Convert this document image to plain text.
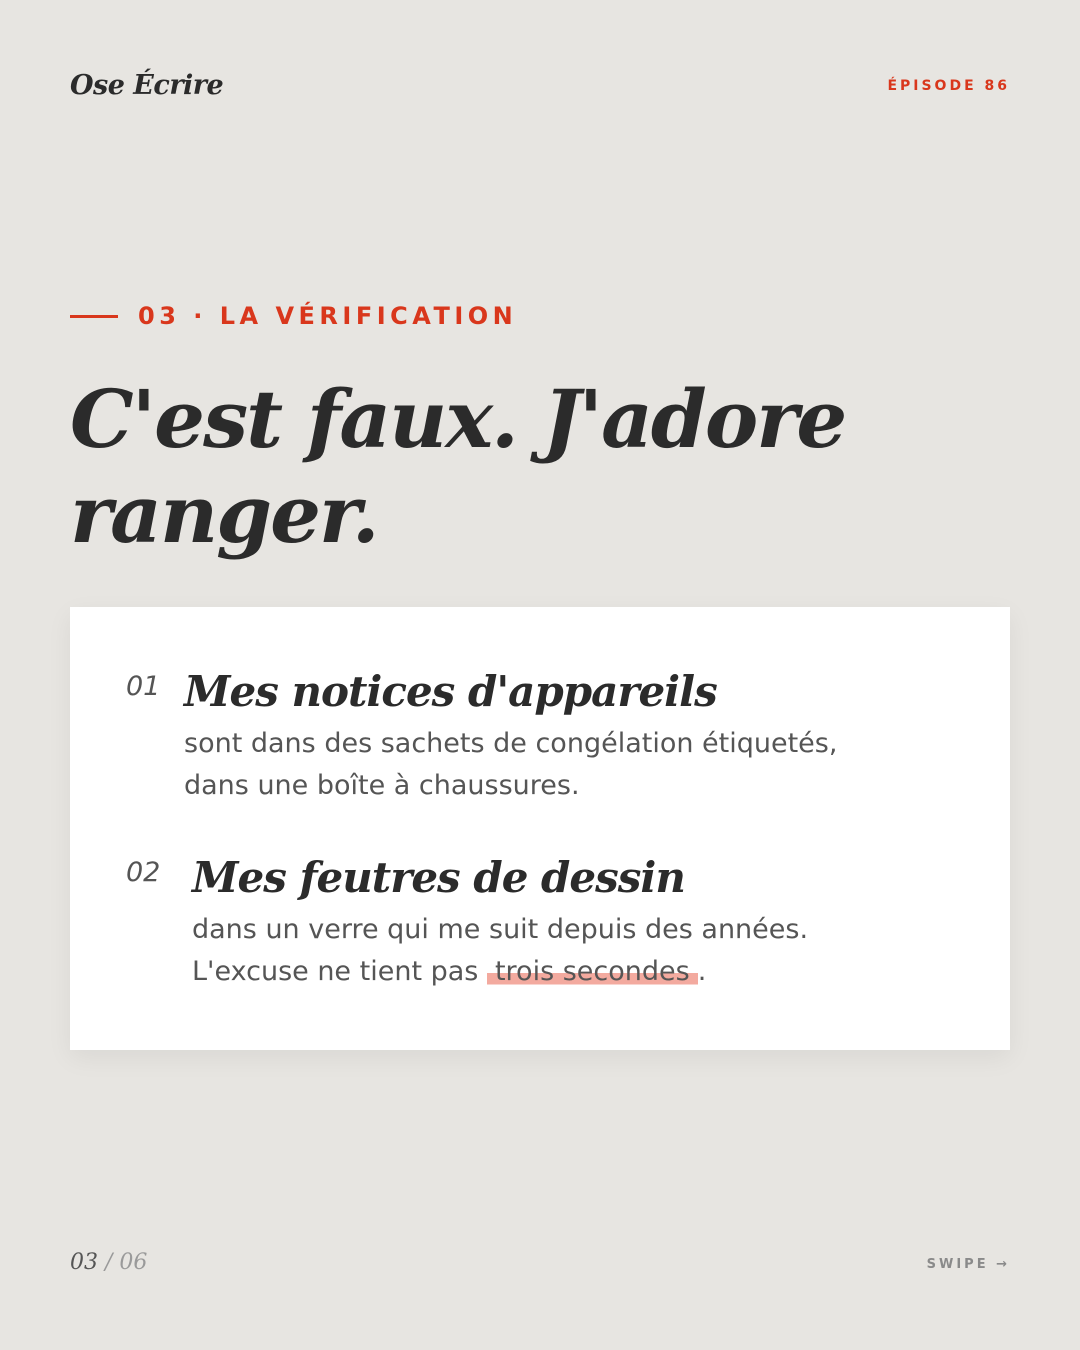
Ose Écrire	ÉPISODE 86
03 · LA VÉRIFICATION
C'est faux. J'adore
ranger.
01 Mes notices d'appareils
sont dans des sachets de congélation étiquetés,
dans une boîte à chaussures.
02 Mes feutres de dessin
dans un verre qui me suit depuis des années.
L'excuse ne tient pas trois secondes .
03 / 06	SWIPE →
